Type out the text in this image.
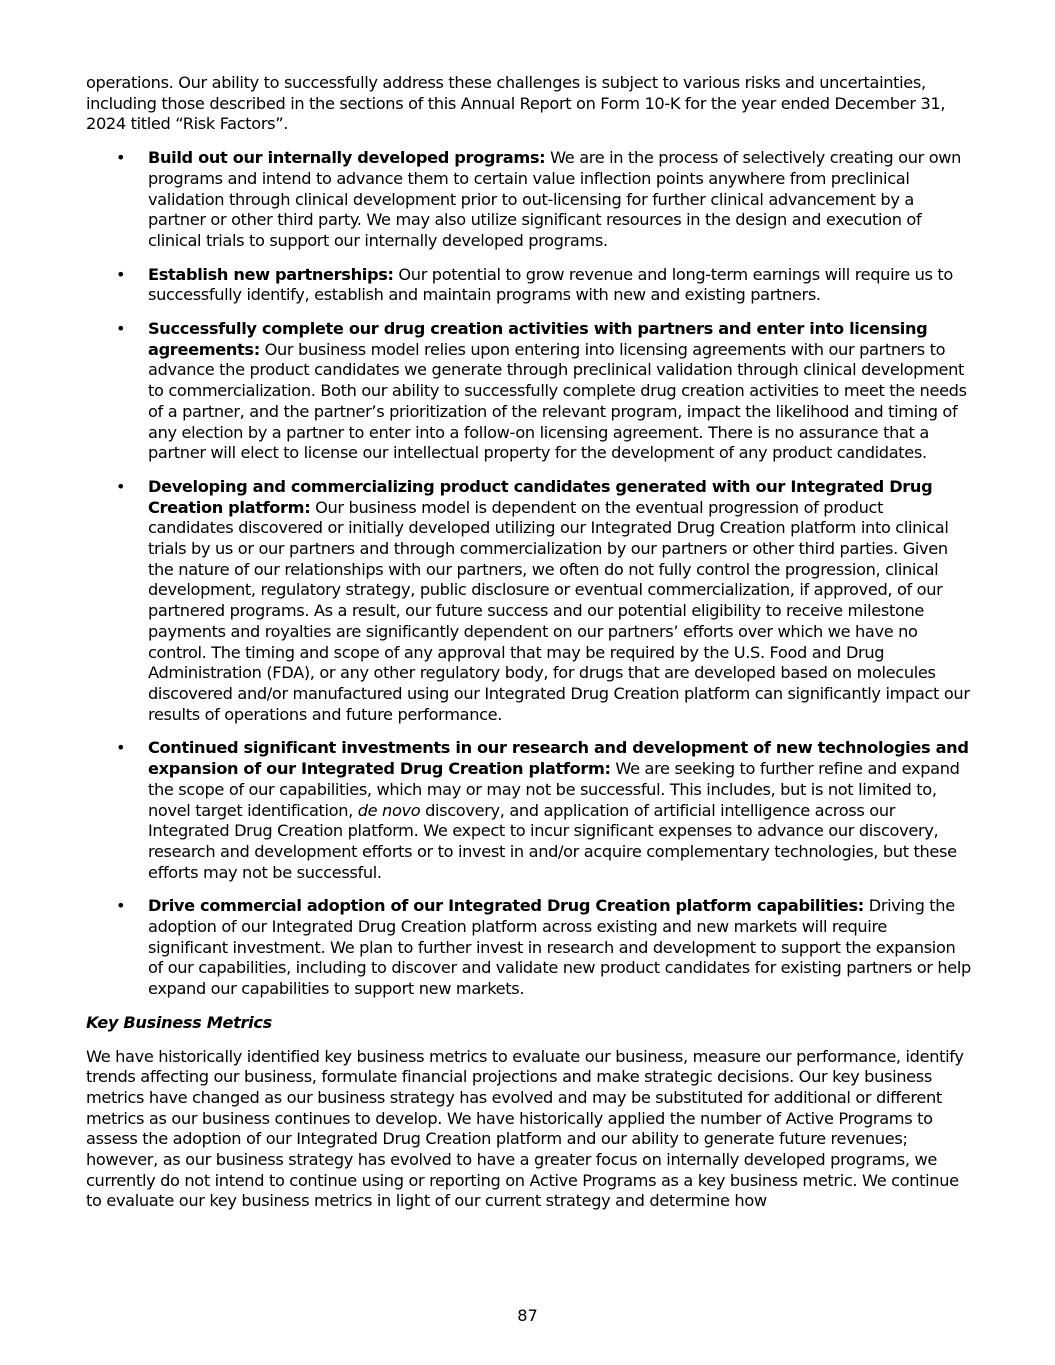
operations. Our ability to successfully address these challenges is subject to various risks and uncertainties, including those described in the sections of this Annual Report on Form 10-K for the year ended December 31, 2024 titled “Risk Factors”.

• Build out our internally developed programs: We are in the process of selectively creating our own programs and intend to advance them to certain value inflection points anywhere from preclinical validation through clinical development prior to out-licensing for further clinical advancement by a partner or other third party. We may also utilize significant resources in the design and execution of clinical trials to support our internally developed programs.
• Establish new partnerships: Our potential to grow revenue and long-term earnings will require us to successfully identify, establish and maintain programs with new and existing partners.
• Successfully complete our drug creation activities with partners and enter into licensing agreements: Our business model relies upon entering into licensing agreements with our partners to advance the product candidates we generate through preclinical validation through clinical development to commercialization. Both our ability to successfully complete drug creation activities to meet the needs of a partner, and the partner’s prioritization of the relevant program, impact the likelihood and timing of any election by a partner to enter into a follow-on licensing agreement. There is no assurance that a partner will elect to license our intellectual property for the development of any product candidates.
• Developing and commercializing product candidates generated with our Integrated Drug Creation platform: Our business model is dependent on the eventual progression of product candidates discovered or initially developed utilizing our Integrated Drug Creation platform into clinical trials by us or our partners and through commercialization by our partners or other third parties. Given the nature of our relationships with our partners, we often do not fully control the progression, clinical development, regulatory strategy, public disclosure or eventual commercialization, if approved, of our partnered programs. As a result, our future success and our potential eligibility to receive milestone payments and royalties are significantly dependent on our partners’ efforts over which we have no control. The timing and scope of any approval that may be required by the U.S. Food and Drug Administration (FDA), or any other regulatory body, for drugs that are developed based on molecules discovered and/or manufactured using our Integrated Drug Creation platform can significantly impact our results of operations and future performance.
• Continued significant investments in our research and development of new technologies and expansion of our Integrated Drug Creation platform: We are seeking to further refine and expand the scope of our capabilities, which may or may not be successful. This includes, but is not limited to, novel target identification, de novo discovery, and application of artificial intelligence across our Integrated Drug Creation platform. We expect to incur significant expenses to advance our discovery, research and development efforts or to invest in and/or acquire complementary technologies, but these efforts may not be successful.
• Drive commercial adoption of our Integrated Drug Creation platform capabilities: Driving the adoption of our Integrated Drug Creation platform across existing and new markets will require significant investment. We plan to further invest in research and development to support the expansion of our capabilities, including to discover and validate new product candidates for existing partners or help expand our capabilities to support new markets.

Key Business Metrics

We have historically identified key business metrics to evaluate our business, measure our performance, identify trends affecting our business, formulate financial projections and make strategic decisions. Our key business metrics have changed as our business strategy has evolved and may be substituted for additional or different metrics as our business continues to develop. We have historically applied the number of Active Programs to assess the adoption of our Integrated Drug Creation platform and our ability to generate future revenues; however, as our business strategy has evolved to have a greater focus on internally developed programs, we currently do not intend to continue using or reporting on Active Programs as a key business metric. We continue to evaluate our key business metrics in light of our current strategy and determine how

87
